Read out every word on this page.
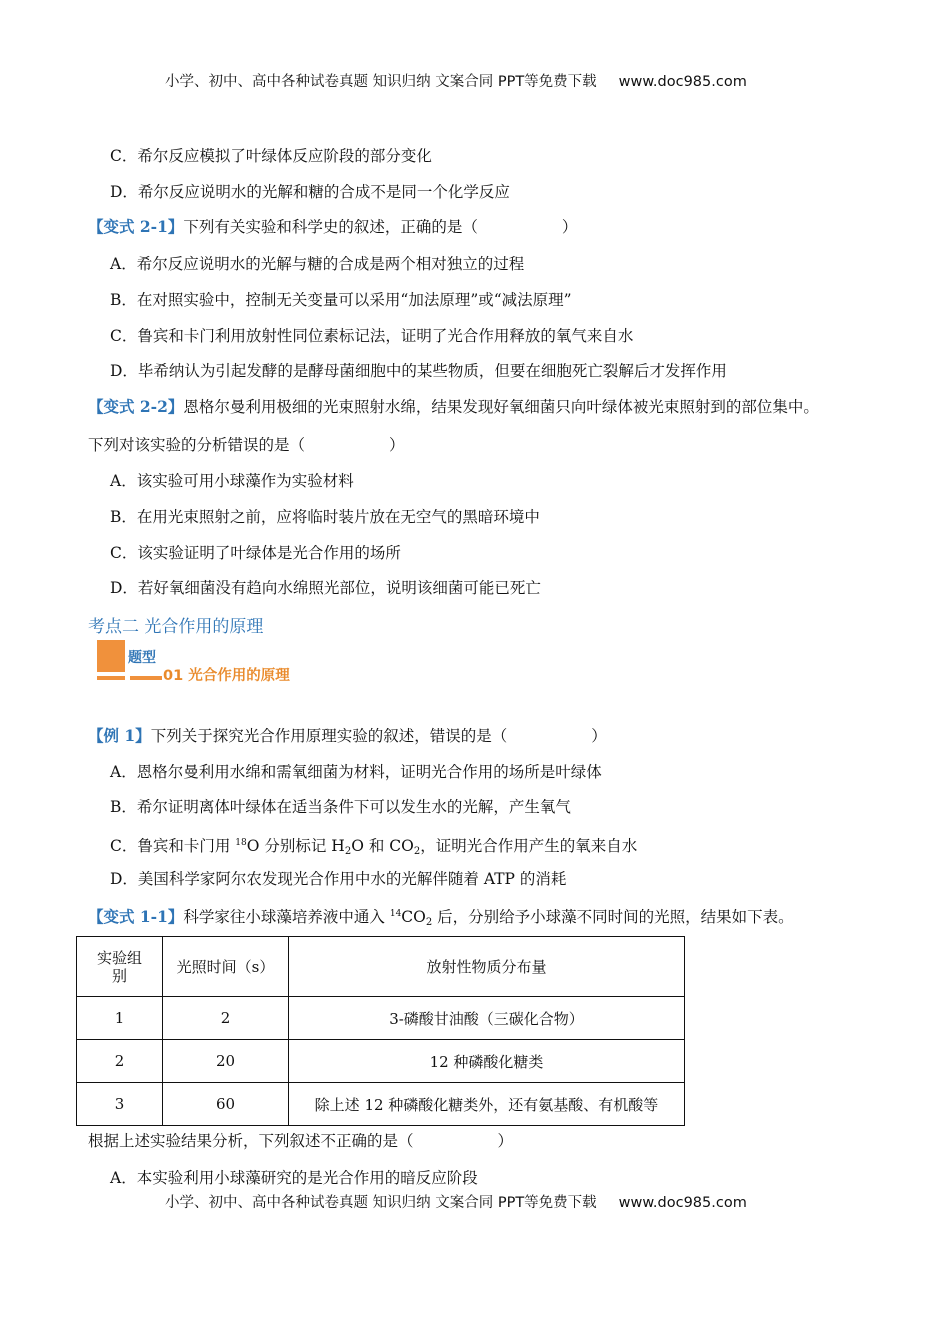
小学、初中、高中各种试卷真题 知识归纳 文案合同 PPT等免费下载 www.doc985.com
C．希尔反应模拟了叶绿体反应阶段的部分变化
D．希尔反应说明水的光解和糖的合成不是同一个化学反应
【变式 2-1】下列有关实验和科学史的叙述，正确的是（	）
A．希尔反应说明水的光解与糖的合成是两个相对独立的过程
B．在对照实验中，控制无关变量可以采用“加法原理”或“减法原理”
C．鲁宾和卡门利用放射性同位素标记法，证明了光合作用释放的氧气来自水
D．毕希纳认为引起发酵的是酵母菌细胞中的某些物质，但要在细胞死亡裂解后才发挥作用
【变式 2-2】恩格尔曼利用极细的光束照射水绵，结果发现好氧细菌只向叶绿体被光束照射到的部位集中。
下列对该实验的分析错误的是（	）
A．该实验可用小球藻作为实验材料
B．在用光束照射之前，应将临时装片放在无空气的黑暗环境中
C．该实验证明了叶绿体是光合作用的场所
D．若好氧细菌没有趋向水绵照光部位，说明该细菌可能已死亡
考点二 光合作用的原理
题型
01 光合作用的原理
【例 1】下列关于探究光合作用原理实验的叙述，错误的是（	）
A．恩格尔曼利用水绵和需氧细菌为材料，证明光合作用的场所是叶绿体
B．希尔证明离体叶绿体在适当条件下可以发生水的光解，产生氧气
C．鲁宾和卡门用 $^{18}$O 分别标记 $H_2O$ 和 $CO_2$，证明光合作用产生的氧来自水
D．美国科学家阿尔农发现光合作用中水的光解伴随着 ATP 的消耗
【变式 1-1】科学家往小球藻培养液中通入 $^{14}CO_2$ 后，分别给予小球藻不同时间的光照，结果如下表。
实验组别	光照时间（s）	放射性物质分布量
1	2	3-磷酸甘油酸（三碳化合物）
2	20	12 种磷酸化糖类
3	60	除上述 12 种磷酸化糖类外，还有氨基酸、有机酸等
根据上述实验结果分析，下列叙述不正确的是（	）
A．本实验利用小球藻研究的是光合作用的暗反应阶段
小学、初中、高中各种试卷真题 知识归纳 文案合同 PPT等免费下载 www.doc985.com
